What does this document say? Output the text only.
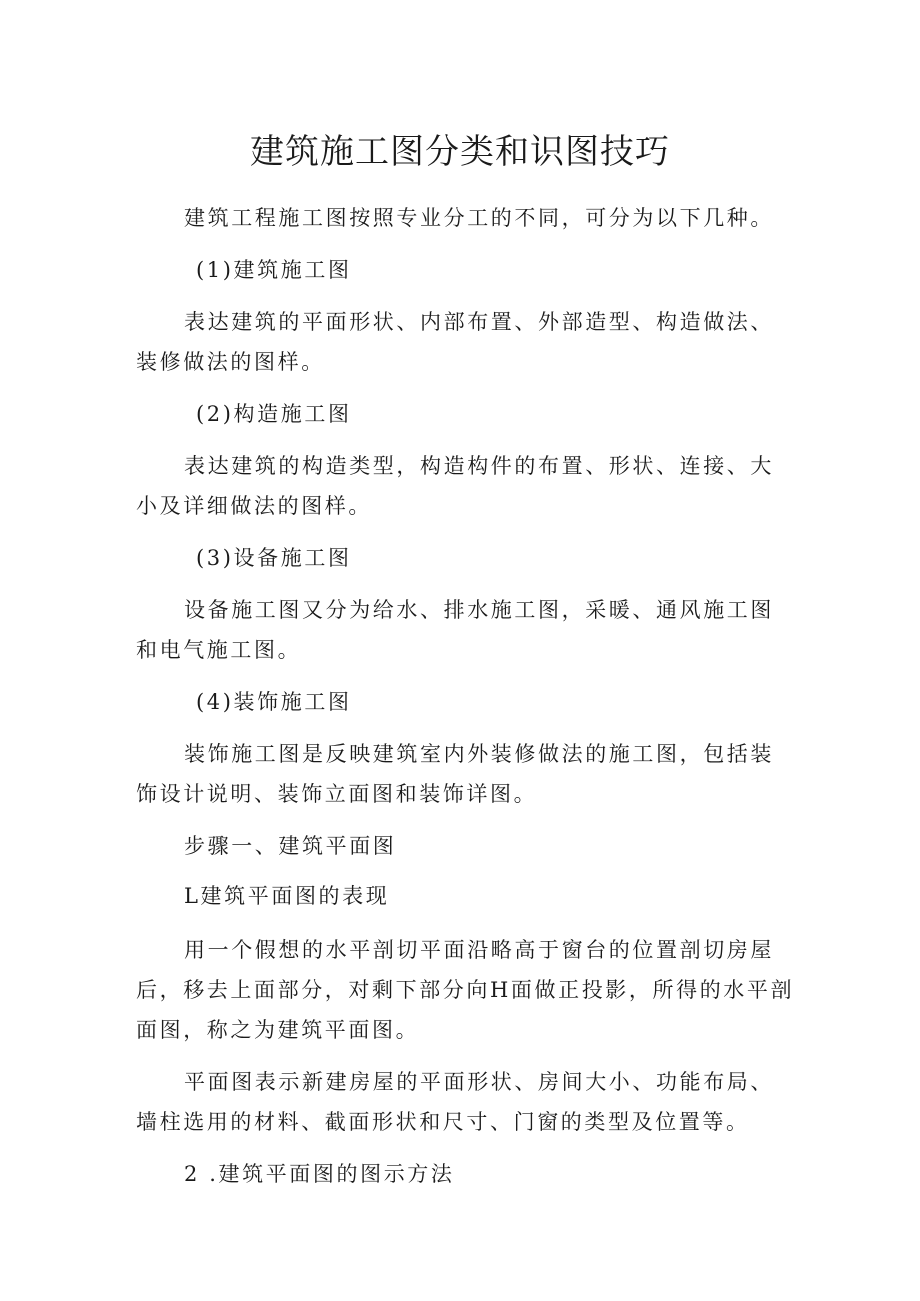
建筑施工图分类和识图技巧

建筑工程施工图按照专业分工的不同，可分为以下几种。

(1)建筑施工图

表达建筑的平面形状、内部布置、外部造型、构造做法、装修做法的图样。

(2)构造施工图

表达建筑的构造类型，构造构件的布置、形状、连接、大小及详细做法的图样。

(3)设备施工图

设备施工图又分为给水、排水施工图，采暖、通风施工图和电气施工图。

(4)装饰施工图

装饰施工图是反映建筑室内外装修做法的施工图，包括装饰设计说明、装饰立面图和装饰详图。

步骤一、建筑平面图

L建筑平面图的表现

用一个假想的水平剖切平面沿略高于窗台的位置剖切房屋后，移去上面部分，对剩下部分向H面做正投影，所得的水平剖面图，称之为建筑平面图。

平面图表示新建房屋的平面形状、房间大小、功能布局、墙柱选用的材料、截面形状和尺寸、门窗的类型及位置等。

2 .建筑平面图的图示方法
